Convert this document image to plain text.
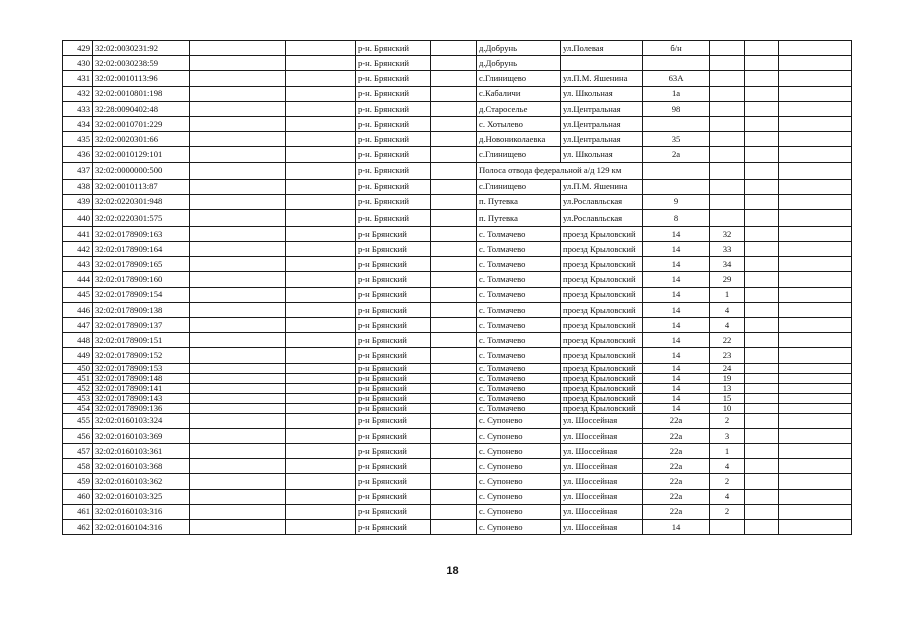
429	32:02:0030231:92			р-н. Брянский		д.Добрунь	ул.Полевая	б/н			
430	32:02:0030238:59			р-н. Брянский		д.Добрунь					
431	32:02:0010113:96			р-н. Брянский		с.Глинищево	ул.П.М. Яшенина	63А			
432	32:02:0010801:198			р-н. Брянский		с.Кабаличи	ул. Школьная	1а			
433	32:28:0090402:48			р-н. Брянский		д.Староселье	ул.Центральная	98			
434	32:02:0010701:229			р-н. Брянский		с. Хотылево	ул.Центральная				
435	32:02:0020301:66			р-н. Брянский		д.Новониколаевка	ул.Центральная	35			
436	32:02:0010129:101			р-н. Брянский		с.Глинищево	ул. Школьная	2а			
437	32:02:0000000:500			р-н. Брянский		Полоса отвода федеральной а/д 129 км					
438	32:02:0010113:87			р-н. Брянский		с.Глинищево	ул.П.М. Яшенина				
439	32:02:0220301:948			р-н. Брянский		п. Путевка	ул.Рославльская	9			
440	32:02:0220301:575			р-н. Брянский		п. Путевка	ул.Рославльская	8			
441	32:02:0178909:163			р-н Брянский		с. Толмачево	проезд Крыловский	14	32		
442	32:02:0178909:164			р-н Брянский		с. Толмачево	проезд Крыловский	14	33		
443	32:02:0178909:165			р-н Брянский		с. Толмачево	проезд Крыловский	14	34		
444	32:02:0178909:160			р-н Брянский		с. Толмачево	проезд Крыловский	14	29		
445	32:02:0178909:154			р-н Брянский		с. Толмачево	проезд Крыловский	14	1		
446	32:02:0178909:138			р-н Брянский		с. Толмачево	проезд Крыловский	14	4		
447	32:02:0178909:137			р-н Брянский		с. Толмачево	проезд Крыловский	14	4		
448	32:02:0178909:151			р-н Брянский		с. Толмачево	проезд Крыловский	14	22		
449	32:02:0178909:152			р-н Брянский		с. Толмачево	проезд Крыловский	14	23		
450	32:02:0178909:153			р-н Брянский		с. Толмачево	проезд Крыловский	14	24		
451	32:02:0178909:148			р-н Брянский		с. Толмачево	проезд Крыловский	14	19		
452	32:02:0178909:141			р-н Брянский		с. Толмачево	проезд Крыловский	14	13		
453	32:02:0178909:143			р-н Брянский		с. Толмачево	проезд Крыловский	14	15		
454	32:02:0178909:136			р-н Брянский		с. Толмачево	проезд Крыловский	14	10		
455	32:02:0160103:324			р-н Брянский		с. Супонево	ул. Шоссейная	22а	2		
456	32:02:0160103:369			р-н Брянский		с. Супонево	ул. Шоссейная	22а	3		
457	32:02:0160103:361			р-н Брянский		с. Супонево	ул. Шоссейная	22а	1		
458	32:02:0160103:368			р-н Брянский		с. Супонево	ул. Шоссейная	22а	4		
459	32:02:0160103:362			р-н Брянский		с. Супонево	ул. Шоссейная	22а	2		
460	32:02:0160103:325			р-н Брянский		с. Супонево	ул. Шоссейная	22а	4		
461	32:02:0160103:316			р-н Брянский		с. Супонево	ул. Шоссейная	22а	2		
462	32:02:0160104:316			р-н Брянский		с. Супонево	ул. Шоссейная	14			
18
